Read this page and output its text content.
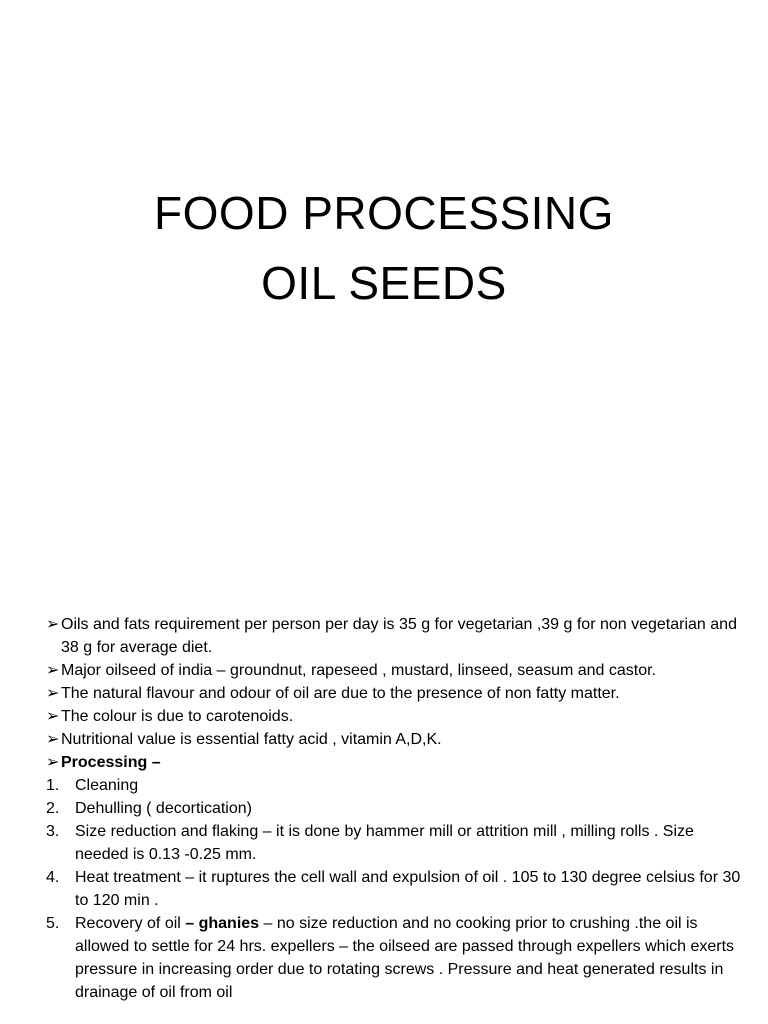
FOOD PROCESSING
OIL SEEDS
➢ Oils and fats requirement per person per day is 35 g for vegetarian ,39 g for non vegetarian and 38 g for average diet.
➢ Major oilseed of india – groundnut, rapeseed , mustard, linseed, seasum and castor.
➢ The natural flavour and odour of oil are due to the presence of non fatty matter.
➢ The colour is due to carotenoids.
➢ Nutritional value is essential fatty acid , vitamin A,D,K.
➢ Processing –
1. Cleaning
2. Dehulling ( decortication)
3. Size reduction and flaking – it is done by hammer mill or attrition mill , milling rolls . Size needed is 0.13 -0.25 mm.
4. Heat treatment – it ruptures the cell wall and expulsion of oil . 105 to 130 degree celsius for 30 to 120 min .
5. Recovery of oil – ghanies – no size reduction and no cooking prior to crushing .the oil is allowed to settle for 24 hrs. expellers – the oilseed are passed through expellers which exerts pressure in increasing order due to rotating screws . Pressure and heat generated results in drainage of oil from oil
